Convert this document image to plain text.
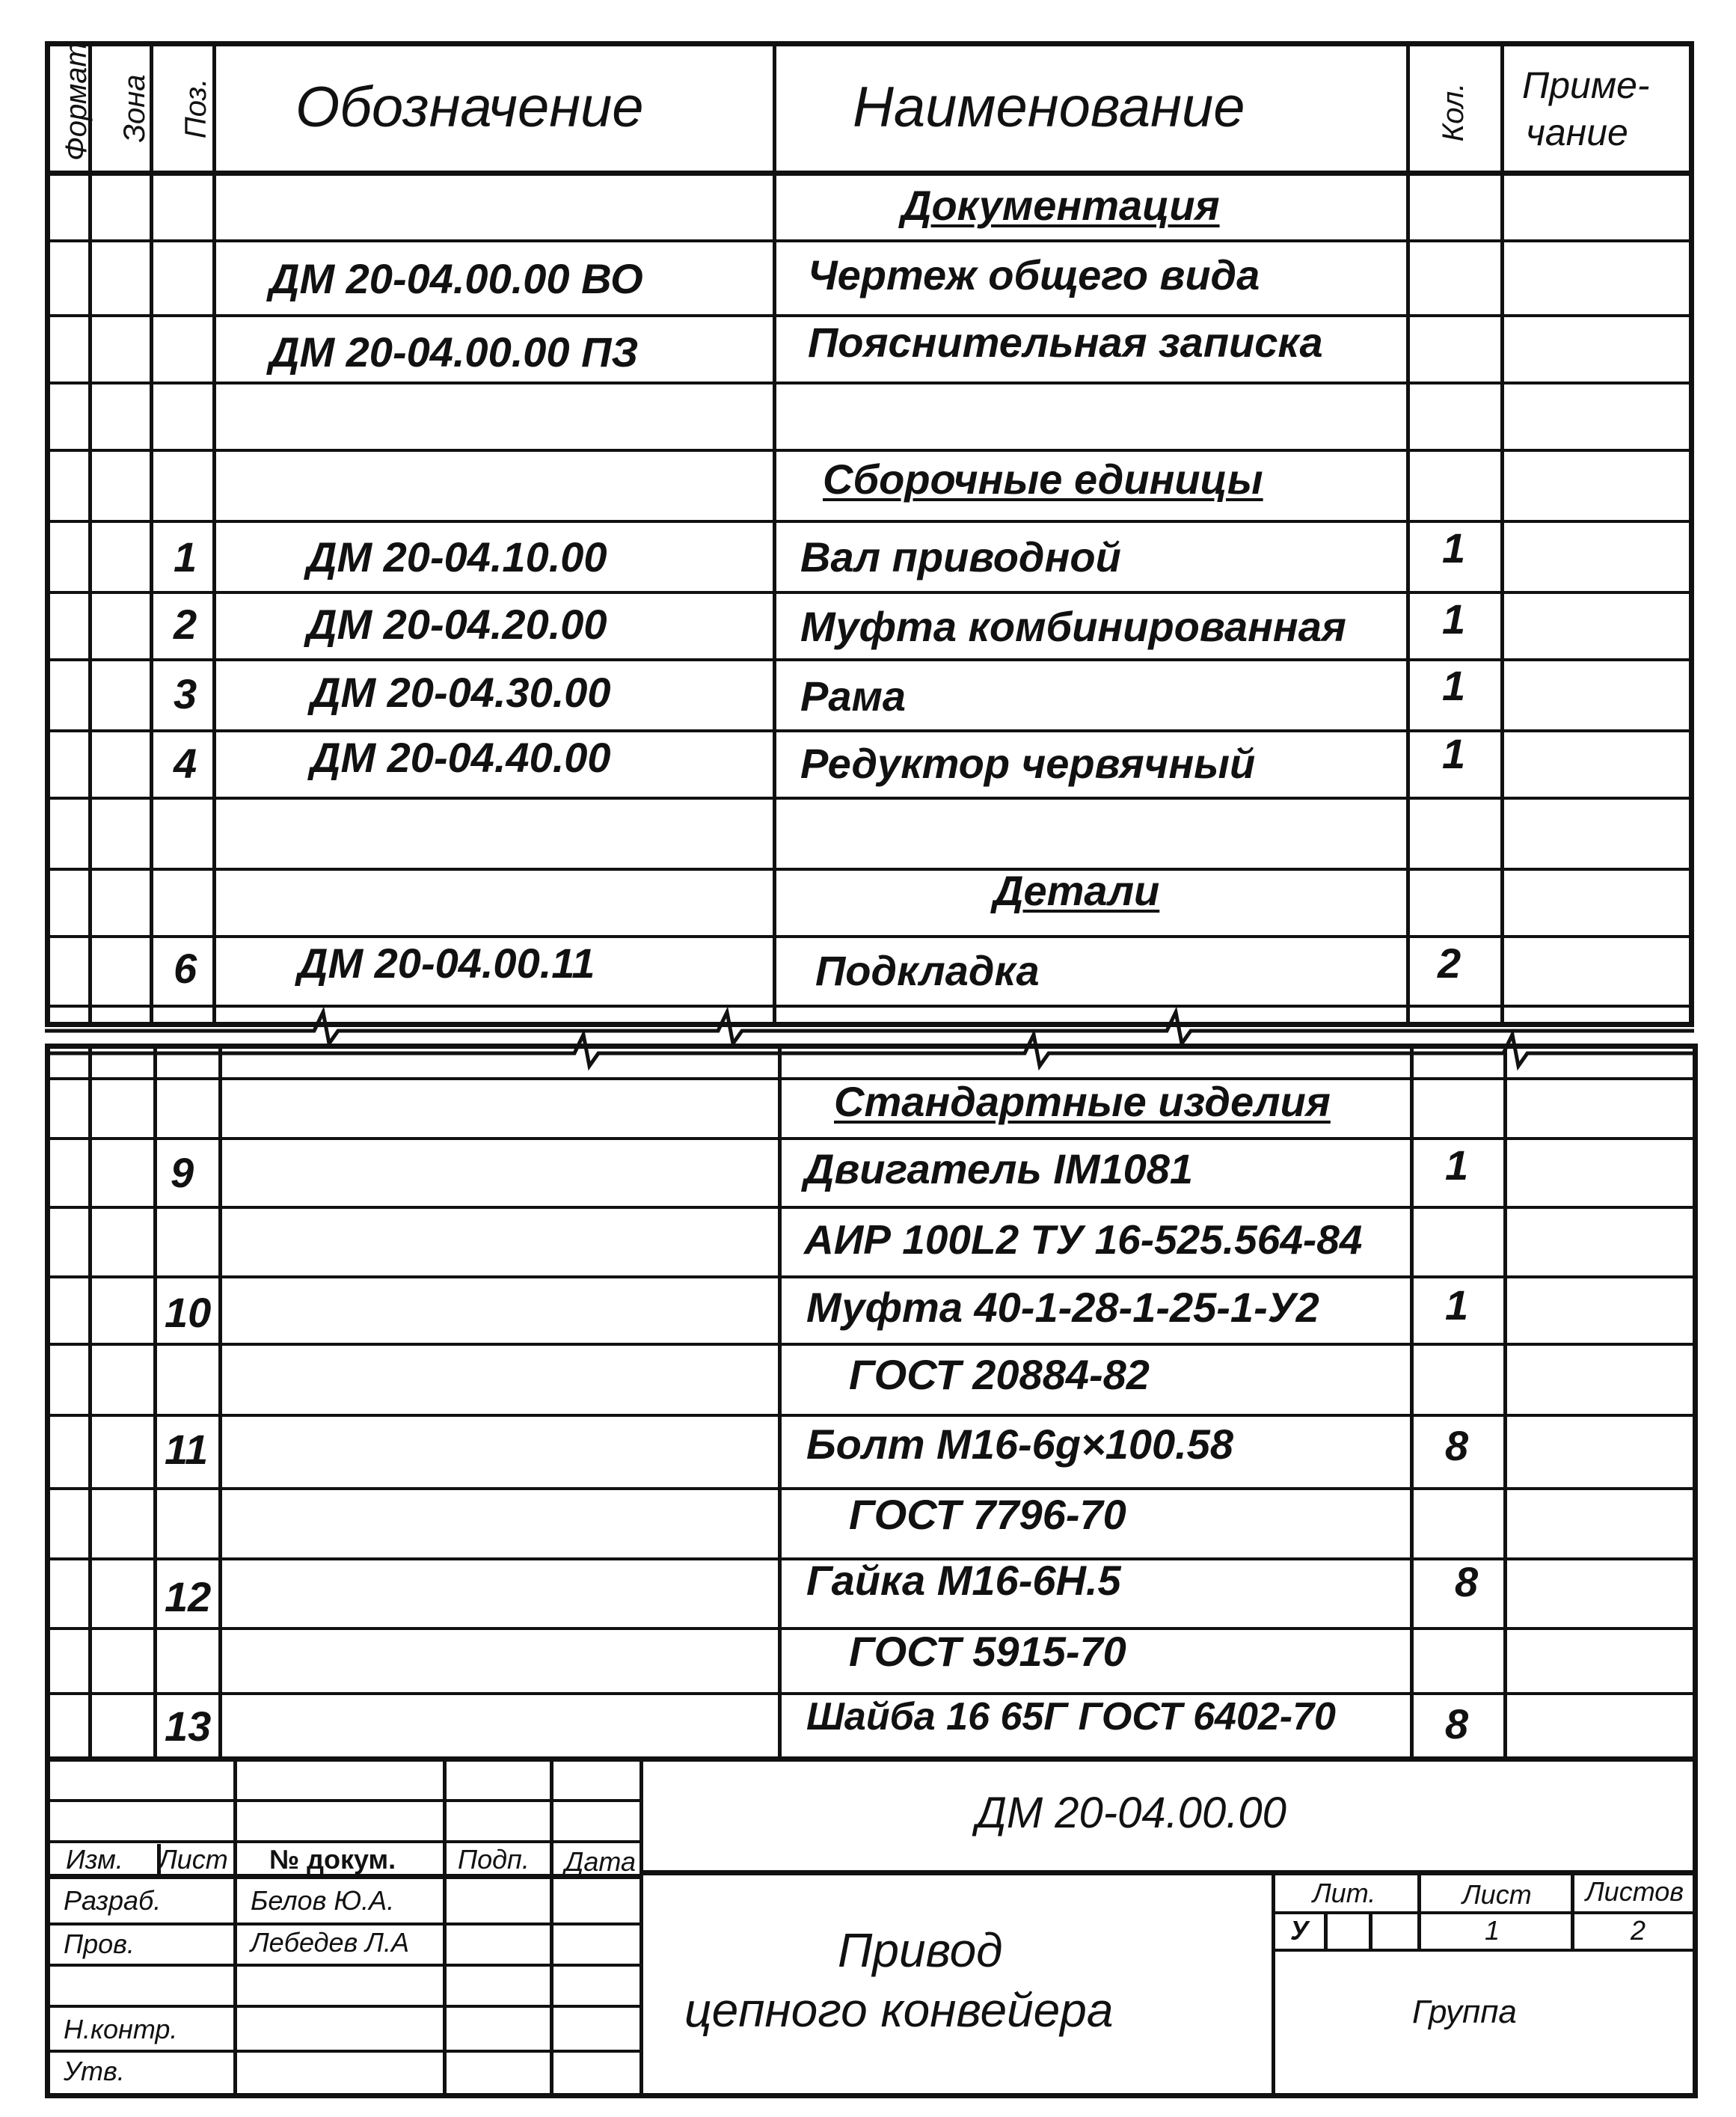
Формат Зона Поз. Обозначение	Наименование	Кол. Приме-
чание
Документация
ДМ 20-04.00.00 ВО	Чертеж общего вида
ДМ 20-04.00.00 ПЗ	Пояснительная записка
Сборочные единицы
1	ДМ 20-04.10.00	Вал приводной	1
2	ДМ 20-04.20.00	Муфта комбинированная 1
3	ДМ 20-04.30.00	Рама	1
4	ДМ 20-04.40.00	Редуктор червячный	1
Детали
6 ДМ 20-04.00.11	Подкладка	2
Стандартные изделия
9	Двигатель IM1081	1
АИР 100L2 ТУ 16-525.564-84
10	Муфта 40-1-28-1-25-1-У2	1
ГОСТ 20884-82
11	Болт М16-6g×100.58	8
ГОСТ 7796-70
12	Гайка М16-6Н.5	8
ГОСТ 5915-70
13	Шайба 16 65Г ГОСТ 6402-70	8
ДМ 20-04.00.00
Изм. Лист № докум. Подп. Дата
Разраб.	Белов Ю.А.
Пров.	Лебедев Л.А
Н.контр.
Утв.
Привод
цепного конвейера
Лит.	Лист Листов
У	1	2
Группа
